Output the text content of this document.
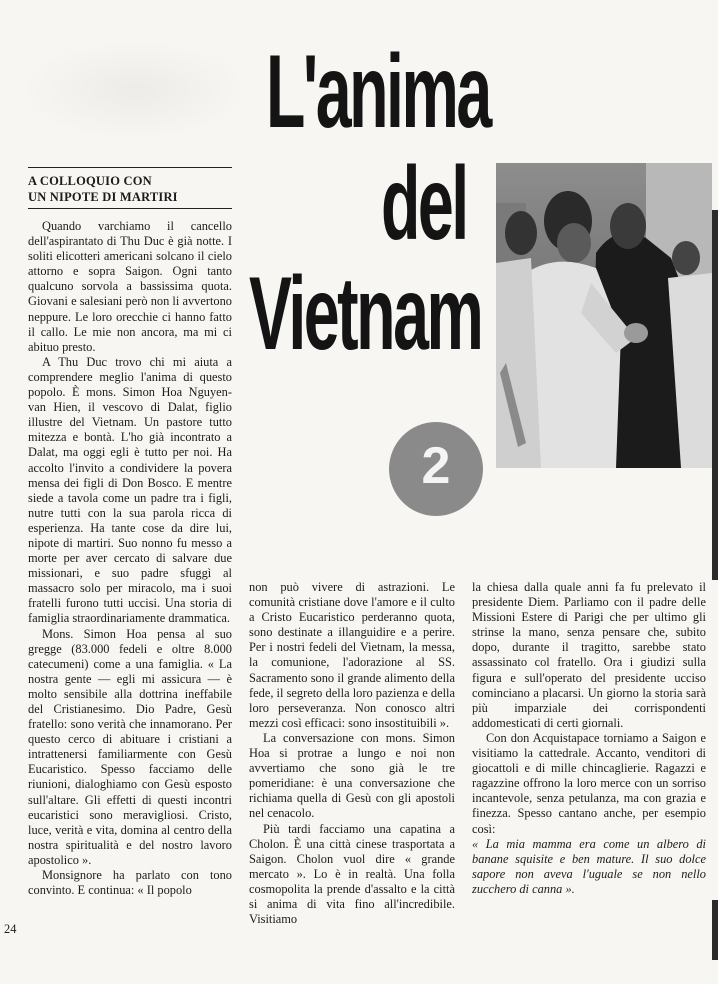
L'anima
del
Vietnam
2
A COLLOQUIO CON
UN NIPOTE DI MARTIRI

Quando varchiamo il cancello dell'aspirantato di Thu Duc è già notte. I soliti elicotteri americani solcano il cielo attorno e sopra Saigon. Ogni tanto qualcuno sorvola a bassissima quota. Giovani e salesiani però non li avvertono neppure. Le loro orecchie ci hanno fatto il callo. Le mie non ancora, ma mi ci abituo presto.

A Thu Duc trovo chi mi aiuta a comprendere meglio l'anima di questo popolo. È mons. Simon Hoa Nguyen-van Hien, il vescovo di Dalat, figlio illustre del Vietnam. Un pastore tutto mitezza e bontà. L'ho già incontrato a Dalat, ma oggi egli è tutto per noi. Ha accolto l'invito a condividere la povera mensa dei figli di Don Bosco. E mentre siede a tavola come un padre tra i figli, nutre tutti con la sua parola ricca di esperienza. Ha tante cose da dire lui, nipote di martiri. Suo nonno fu messo a morte per aver cercato di salvare due missionari, e suo padre sfuggì al massacro solo per miracolo, ma i suoi fratelli furono tutti uccisi. Una storia di famiglia straordinariamente drammatica.

Mons. Simon Hoa pensa al suo gregge (83.000 fedeli e oltre 8.000 catecumeni) come a una famiglia. « La nostra gente — egli mi assicura — è molto sensibile alla dottrina ineffabile del Cristianesimo. Dio Padre, Gesù fratello: sono verità che innamorano. Per questo cerco di abituare i cristiani a intrattenersi familiarmente con Gesù Eucaristico. Spesso facciamo delle riunioni, dialoghiamo con Gesù esposto sull'altare. Gli effetti di questi incontri eucaristici sono meravigliosi. Cristo, luce, verità e vita, domina al centro della nostra spiritualità e del nostro lavoro apostolico ».

Monsignore ha parlato con tono convinto. E continua: « Il popolo

24

non può vivere di astrazioni. Le comunità cristiane dove l'amore e il culto a Cristo Eucaristico perderanno quota, sono destinate a illanguidire e a perire. Per i nostri fedeli del Vietnam, la messa, la comunione, l'adorazione al SS. Sacramento sono il grande alimento della fede, il segreto della loro pazienza e della loro perseveranza. Non conosco altri mezzi così efficaci: sono insostituibili ».

La conversazione con mons. Simon Hoa si protrae a lungo e noi non avvertiamo che sono già le tre pomeridiane: è una conversazione che richiama quella di Gesù con gli apostoli nel cenacolo.

Più tardi facciamo una capatina a Cholon. È una città cinese trasportata a Saigon. Cholon vuol dire « grande mercato ». Lo è in realtà. Una folla cosmopolita la prende d'assalto e la città si anima di vita fino all'incredibile. Visitiamo

la chiesa dalla quale anni fa fu prelevato il presidente Diem. Parliamo con il padre delle Missioni Estere di Parigi che per ultimo gli strinse la mano, senza pensare che, subito dopo, durante il tragitto, sarebbe stato assassinato col fratello. Ora i giudizi sulla figura e sull'operato del presidente ucciso cominciano a placarsi. Un giorno la storia sarà più imparziale dei corrispondenti addomesticati di certi giornali.

Con don Acquistapace torniamo a Saigon e visitiamo la cattedrale. Accanto, venditori di giocattoli e di mille chincaglierie. Ragazzi e ragazzine offrono la loro merce con un sorriso incantevole, senza petulanza, ma con grazia e finezza. Spesso cantano anche, per esempio così:

« La mia mamma era come un albero di banane squisite e ben mature. Il suo dolce sapore non aveva l'uguale se non nello zucchero di canna ».
